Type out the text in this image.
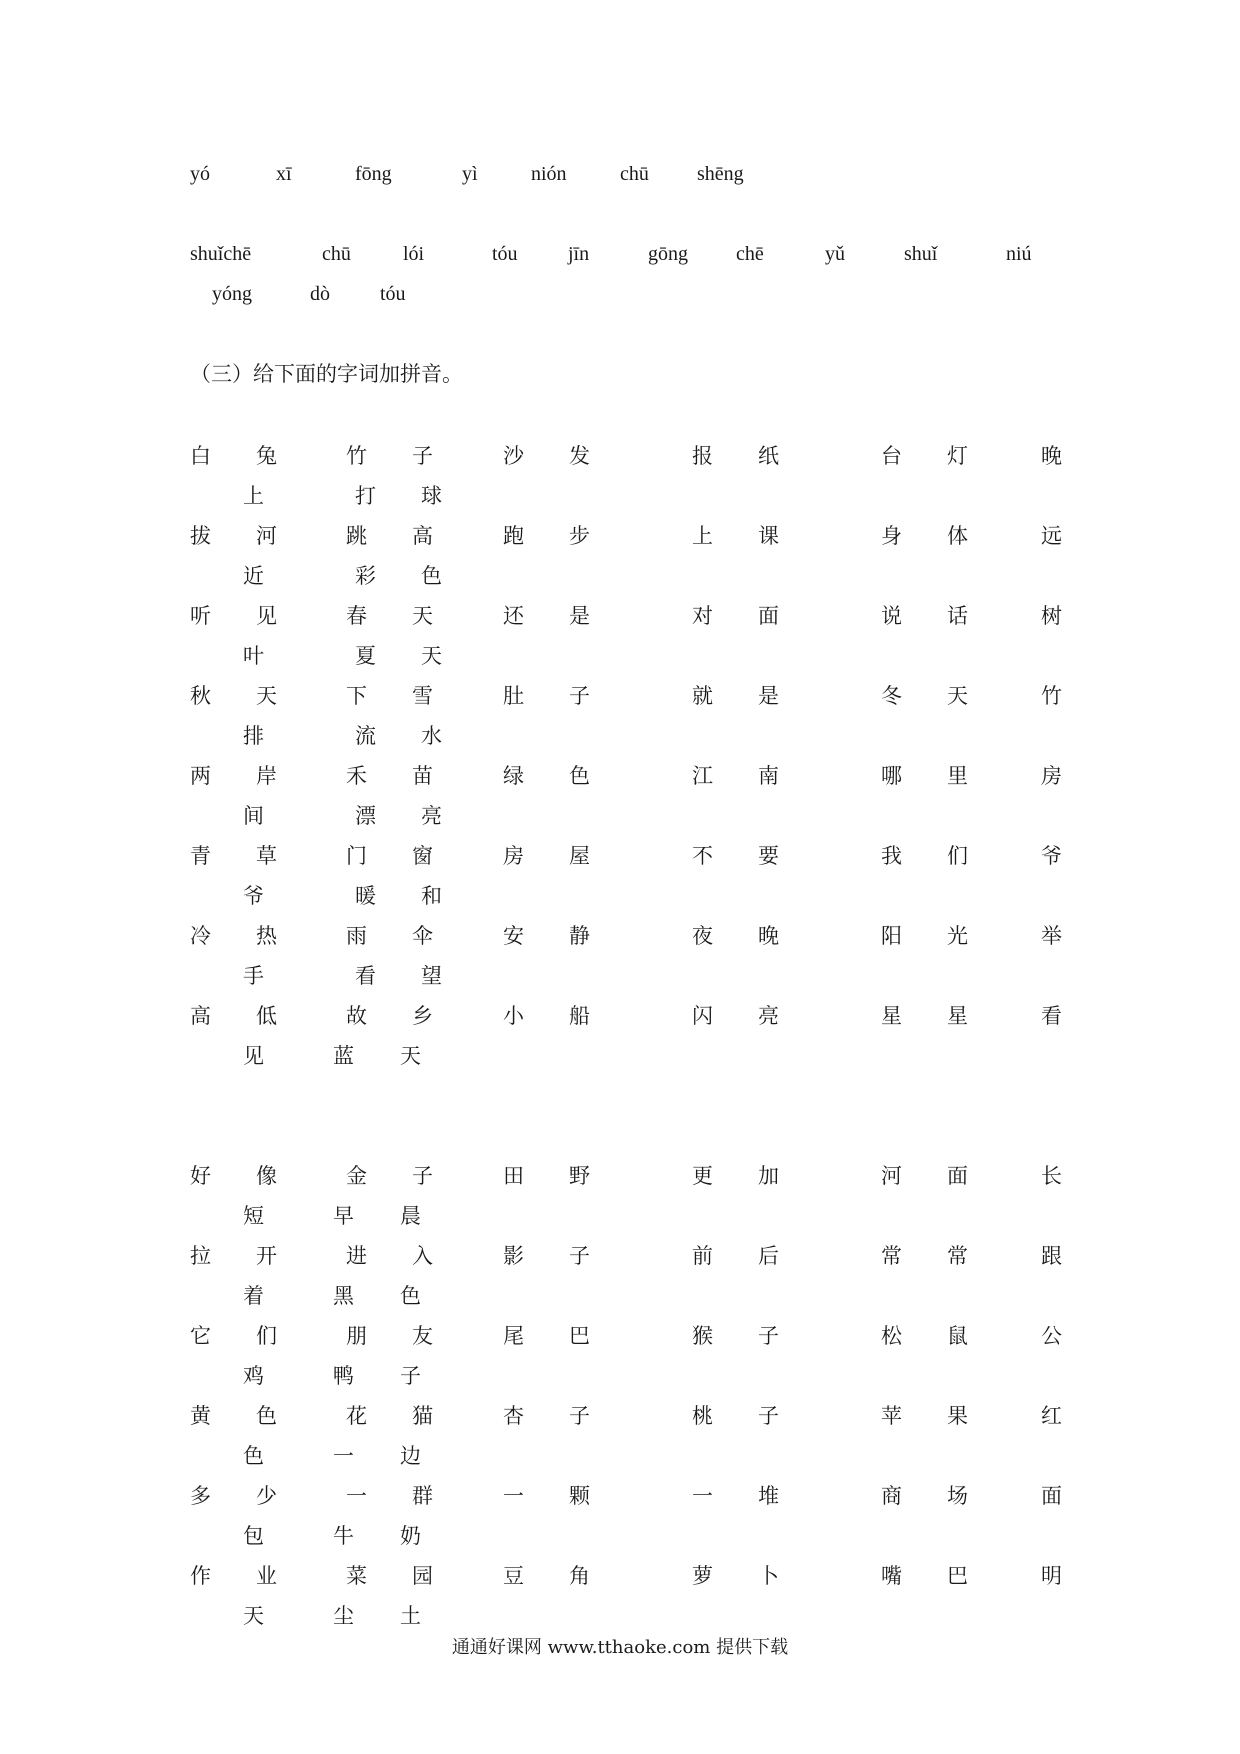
yó	xī	fōng	yì	nión	chū shēng
shuǐchē	chū	lói	tóu	jīn	gōng chē	yǔ	shuǐ	niú
yóng	dò	tóu
（三）给下面的字词加拼音。
白	兔	竹	子	沙	发	报	纸	台	灯	晚
上	打	球
拔	河	跳	高	跑	步	上	课	身	体	远
近	彩	色
听	见	春	天	还	是	对	面	说	话	树
叶	夏	天
秋	天	下	雪	肚	子	就	是	冬	天	竹
排	流	水
两	岸	禾	苗	绿	色	江	南	哪	里	房
间	漂	亮
青	草	门	窗	房	屋	不	要	我	们	爷
爷	暖	和
冷	热	雨	伞	安	静	夜	晚	阳	光	举
手	看	望
高	低	故	乡	小	船	闪	亮	星	星	看
见	蓝	天
好	像	金	子	田	野	更	加	河	面	长
短	早	晨
拉	开	进	入	影	子	前	后	常	常	跟
着	黑	色
它	们	朋	友	尾	巴	猴	子	松	鼠	公
鸡	鸭	子
黄	色	花	猫	杏	子	桃	子	苹	果	红
色	一	边
多	少	一	群	一	颗	一	堆	商	场	面
包	牛	奶
作	业	菜	园	豆	角	萝	卜	嘴	巴	明
天	尘	土
通通好课网 www.tthaoke.com 提供下载
